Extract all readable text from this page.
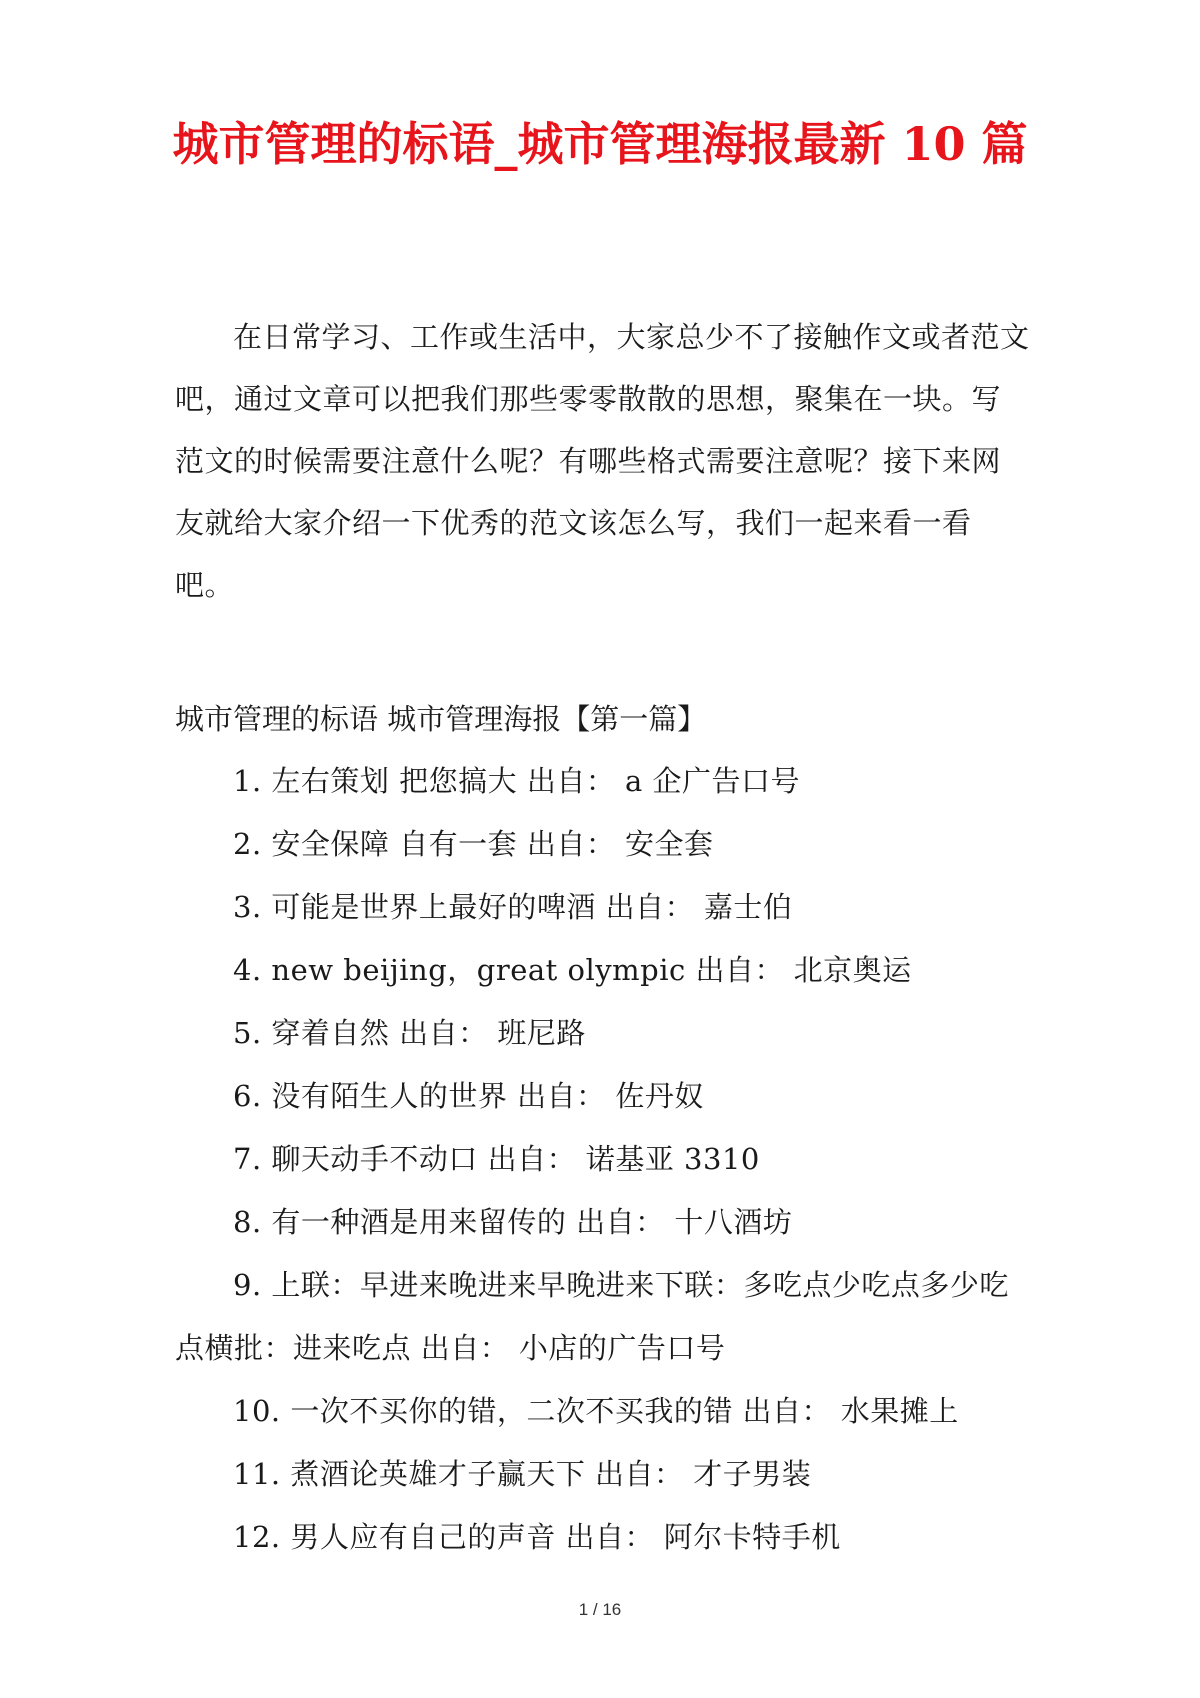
城市管理的标语_城市管理海报最新 10 篇

在日常学习、工作或生活中，大家总少不了接触作文或者范文吧，通过文章可以把我们那些零零散散的思想，聚集在一块。写范文的时候需要注意什么呢？有哪些格式需要注意呢？接下来网友就给大家介绍一下优秀的范文该怎么写，我们一起来看一看吧。

城市管理的标语 城市管理海报【第一篇】

1. 左右策划 把您搞大 出自： a 企广告口号
2. 安全保障 自有一套 出自： 安全套
3. 可能是世界上最好的啤酒 出自： 嘉士伯
4. new beijing，great olympic 出自： 北京奥运
5. 穿着自然 出自： 班尼路
6. 没有陌生人的世界 出自： 佐丹奴
7. 聊天动手不动口 出自： 诺基亚 3310
8. 有一种酒是用来留传的 出自： 十八酒坊
9. 上联：早进来晚进来早晚进来下联：多吃点少吃点多少吃点横批：进来吃点 出自： 小店的广告口号
10. 一次不买你的错，二次不买我的错 出自： 水果摊上
11. 煮酒论英雄才子赢天下 出自： 才子男装
12. 男人应有自己的声音 出自： 阿尔卡特手机
1 / 16
